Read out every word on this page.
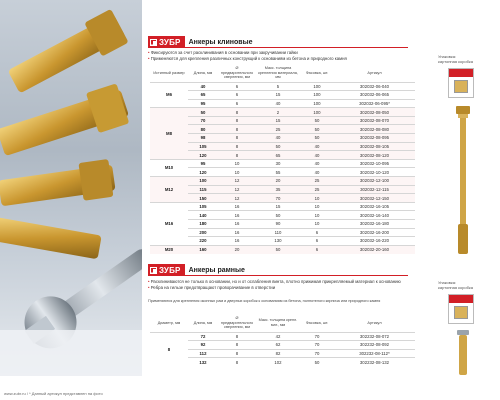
www.zubr.ru / * Данный артикул представлен на фото
ЗУБР Анкеры клиновые
• Фиксируются за счет расклинивания в основании при закручивании гайки
• Применяются для крепления различных конструкций к основаниям из бетона и природного камня
Истинный размер	Длина, мм	Ø предварительного сверления, мм	Макс. толщина крепления материала, мм	Фасовка, шт.	Артикул
M6	40	6	5	100	302032-06-040
	65	6	15	100	302032-06-065
	95	6	40	100	302032-06-095*
M8	50	8	2	100	302032-08-050
	70	8	15	50	302032-08-070
	80	8	25	50	302032-08-080
	98	8	40	50	302032-08-095
	105	8	50	40	302032-08-105
	120	8	65	40	302032-08-120
M10	95	10	30	40	302032-10-095
	120	10	55	40	302032-10-120
M12	100	12	20	25	302032-12-100
	115	12	35	25	302032-12-115
	150	12	70	10	302032-12-150
M16	105	16	15	10	302032-16-105
	140	16	50	10	302032-16-140
	180	16	90	10	302032-16-180
	200	16	110	6	302032-16-200
	220	16	130	6	302032-16-220
M20	160	20	50	6	302032-20-160
Упаковка:
картонная коробка
ЗУБР Анкеры рамные
• Расклиниваются не только в основании, но и от ослабления винта, плотно прижимая прикрепляемый материал к основанию
• Ребра на гильзе предотвращают проворачивание в отверстии
Применяются для крепления оконных рам и дверных коробок к основаниям из бетона, полнотелого кирпича или природного камня
Диаметр, мм	Длина, мм	Ø предварительного сверления, мм	Макс. толщина крепл. мат., мм	Фасовка, шт.	Артикул
8	72	8	42	70	302232-08-072
	92	8	62	70	302232-08-092
	112	8	82	70	302232-08-112*
	132	8	102	50	302232-08-132
Упаковка:
картонная коробка
